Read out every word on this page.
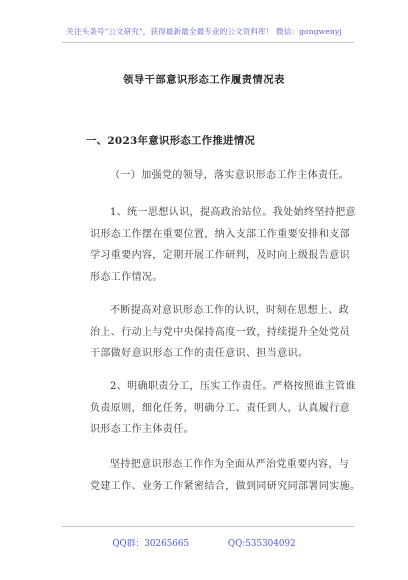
关注头条号"公文研究"，获得最新最全最专业的公文资料库！ 微信：gongwenyj
领导干部意识形态工作履责情况表
一、2023年意识形态工作推进情况
（一）加强党的领导，落实意识形态工作主体责任。
1、统一思想认识，提高政治站位。我处始终坚持把意
识形态工作摆在重要位置，纳入支部工作重要安排和支部
学习重要内容，定期开展工作研判，及时向上级报告意识
形态工作情况。
不断提高对意识形态工作的认识，时刻在思想上、政
治上、行动上与党中央保持高度一致，持续提升全处党员
干部做好意识形态工作的责任意识、担当意识。
2、明确职责分工，压实工作责任。严格按照谁主管谁
负责原则，细化任务，明确分工、责任到人，认真履行意
识形态工作主体责任。
坚持把意识形态工作作为全面从严治党重要内容，与
党建工作、业务工作紧密结合，做到同研究同部署同实施。
QQ群：30265665	QQ:535304092
